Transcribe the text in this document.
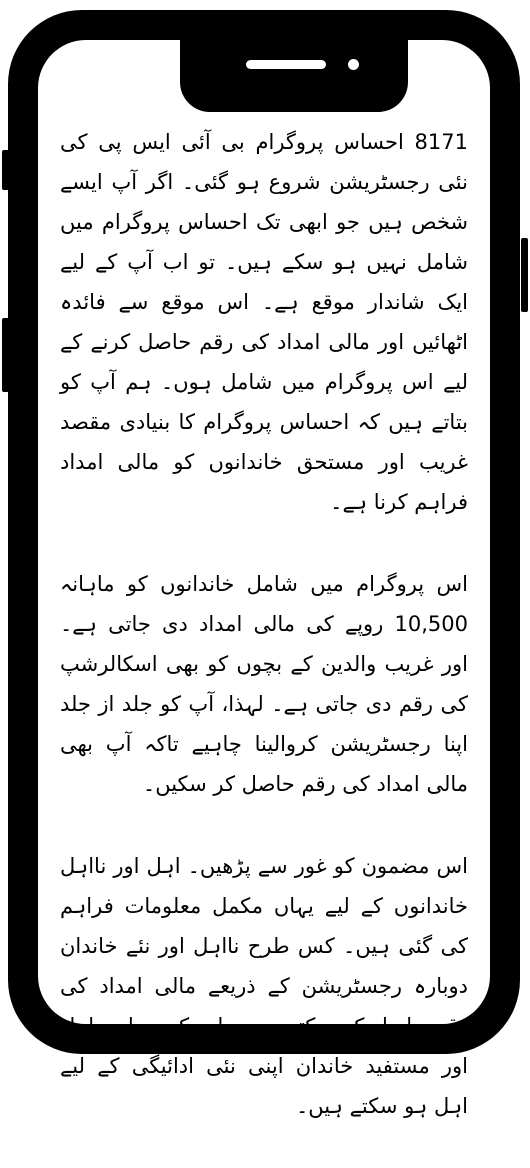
8171 احساس پروگرام بی آئی ایس پی کی نئی رجسٹریشن شروع ہو گئی۔ اگر آپ ایسے شخص ہیں جو ابھی تک احساس پروگرام میں شامل نہیں ہو سکے ہیں۔ تو اب آپ کے لیے ایک شاندار موقع ہے۔ اس موقع سے فائدہ اٹھائیں اور مالی امداد کی رقم حاصل کرنے کے لیے اس پروگرام میں شامل ہوں۔ ہم آپ کو بتاتے ہیں کہ احساس پروگرام کا بنیادی مقصد غریب اور مستحق خاندانوں کو مالی امداد فراہم کرنا ہے۔

اس پروگرام میں شامل خاندانوں کو ماہانہ 10,500 روپے کی مالی امداد دی جاتی ہے۔ اور غریب والدین کے بچوں کو بھی اسکالرشپ کی رقم دی جاتی ہے۔ لہذا، آپ کو جلد از جلد اپنا رجسٹریشن کروالینا چاہیے تاکہ آپ بھی مالی امداد کی رقم حاصل کر سکیں۔

اس مضمون کو غور سے پڑھیں۔ اہل اور نااہل خاندانوں کے لیے یہاں مکمل معلومات فراہم کی گئی ہیں۔ کس طرح نااہل اور نئے خاندان دوبارہ رجسٹریشن کے ذریعے مالی امداد کی رقم حاصل کر سکتے ہیں۔ اور کس طرح اہل اور مستفید خاندان اپنی نئی ادائیگی کے لیے اہل ہو سکتے ہیں۔
